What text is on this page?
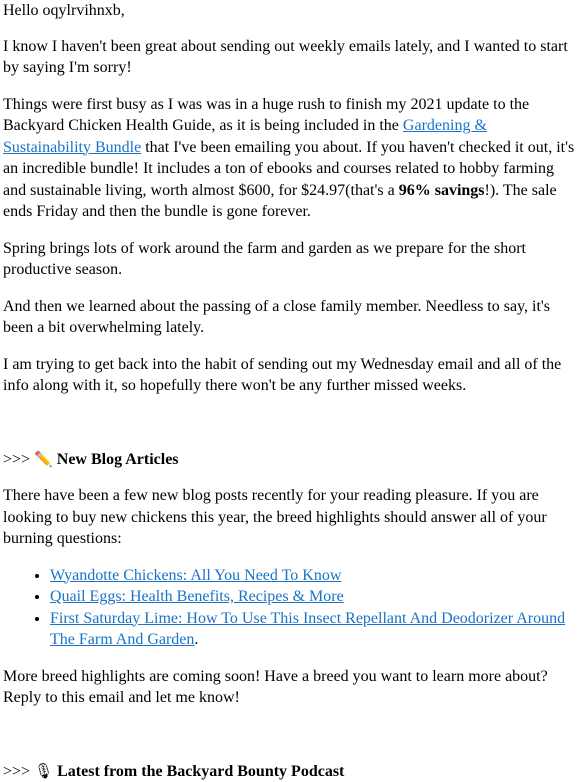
Hello oqylrvihnxb,

I know I haven't been great about sending out weekly emails lately, and I wanted to start by saying I'm sorry!

Things were first busy as I was was in a huge rush to finish my 2021 update to the Backyard Chicken Health Guide, as it is being included in the Gardening & Sustainability Bundle that I've been emailing you about. If you haven't checked it out, it's an incredible bundle! It includes a ton of ebooks and courses related to hobby farming and sustainable living, worth almost $600, for $24.97(that's a 96% savings!). The sale ends Friday and then the bundle is gone forever.

Spring brings lots of work around the farm and garden as we prepare for the short productive season.

And then we learned about the passing of a close family member. Needless to say, it's been a bit overwhelming lately.

I am trying to get back into the habit of sending out my Wednesday email and all of the info along with it, so hopefully there won't be any further missed weeks.

>>> ✏️ New Blog Articles

There have been a few new blog posts recently for your reading pleasure. If you are looking to buy new chickens this year, the breed highlights should answer all of your burning questions:

• Wyandotte Chickens: All You Need To Know
• Quail Eggs: Health Benefits, Recipes & More
• First Saturday Lime: How To Use This Insect Repellant And Deodorizer Around The Farm And Garden.

More breed highlights are coming soon! Have a breed you want to learn more about? Reply to this email and let me know!

>>> 🎙 Latest from the Backyard Bounty Podcast
